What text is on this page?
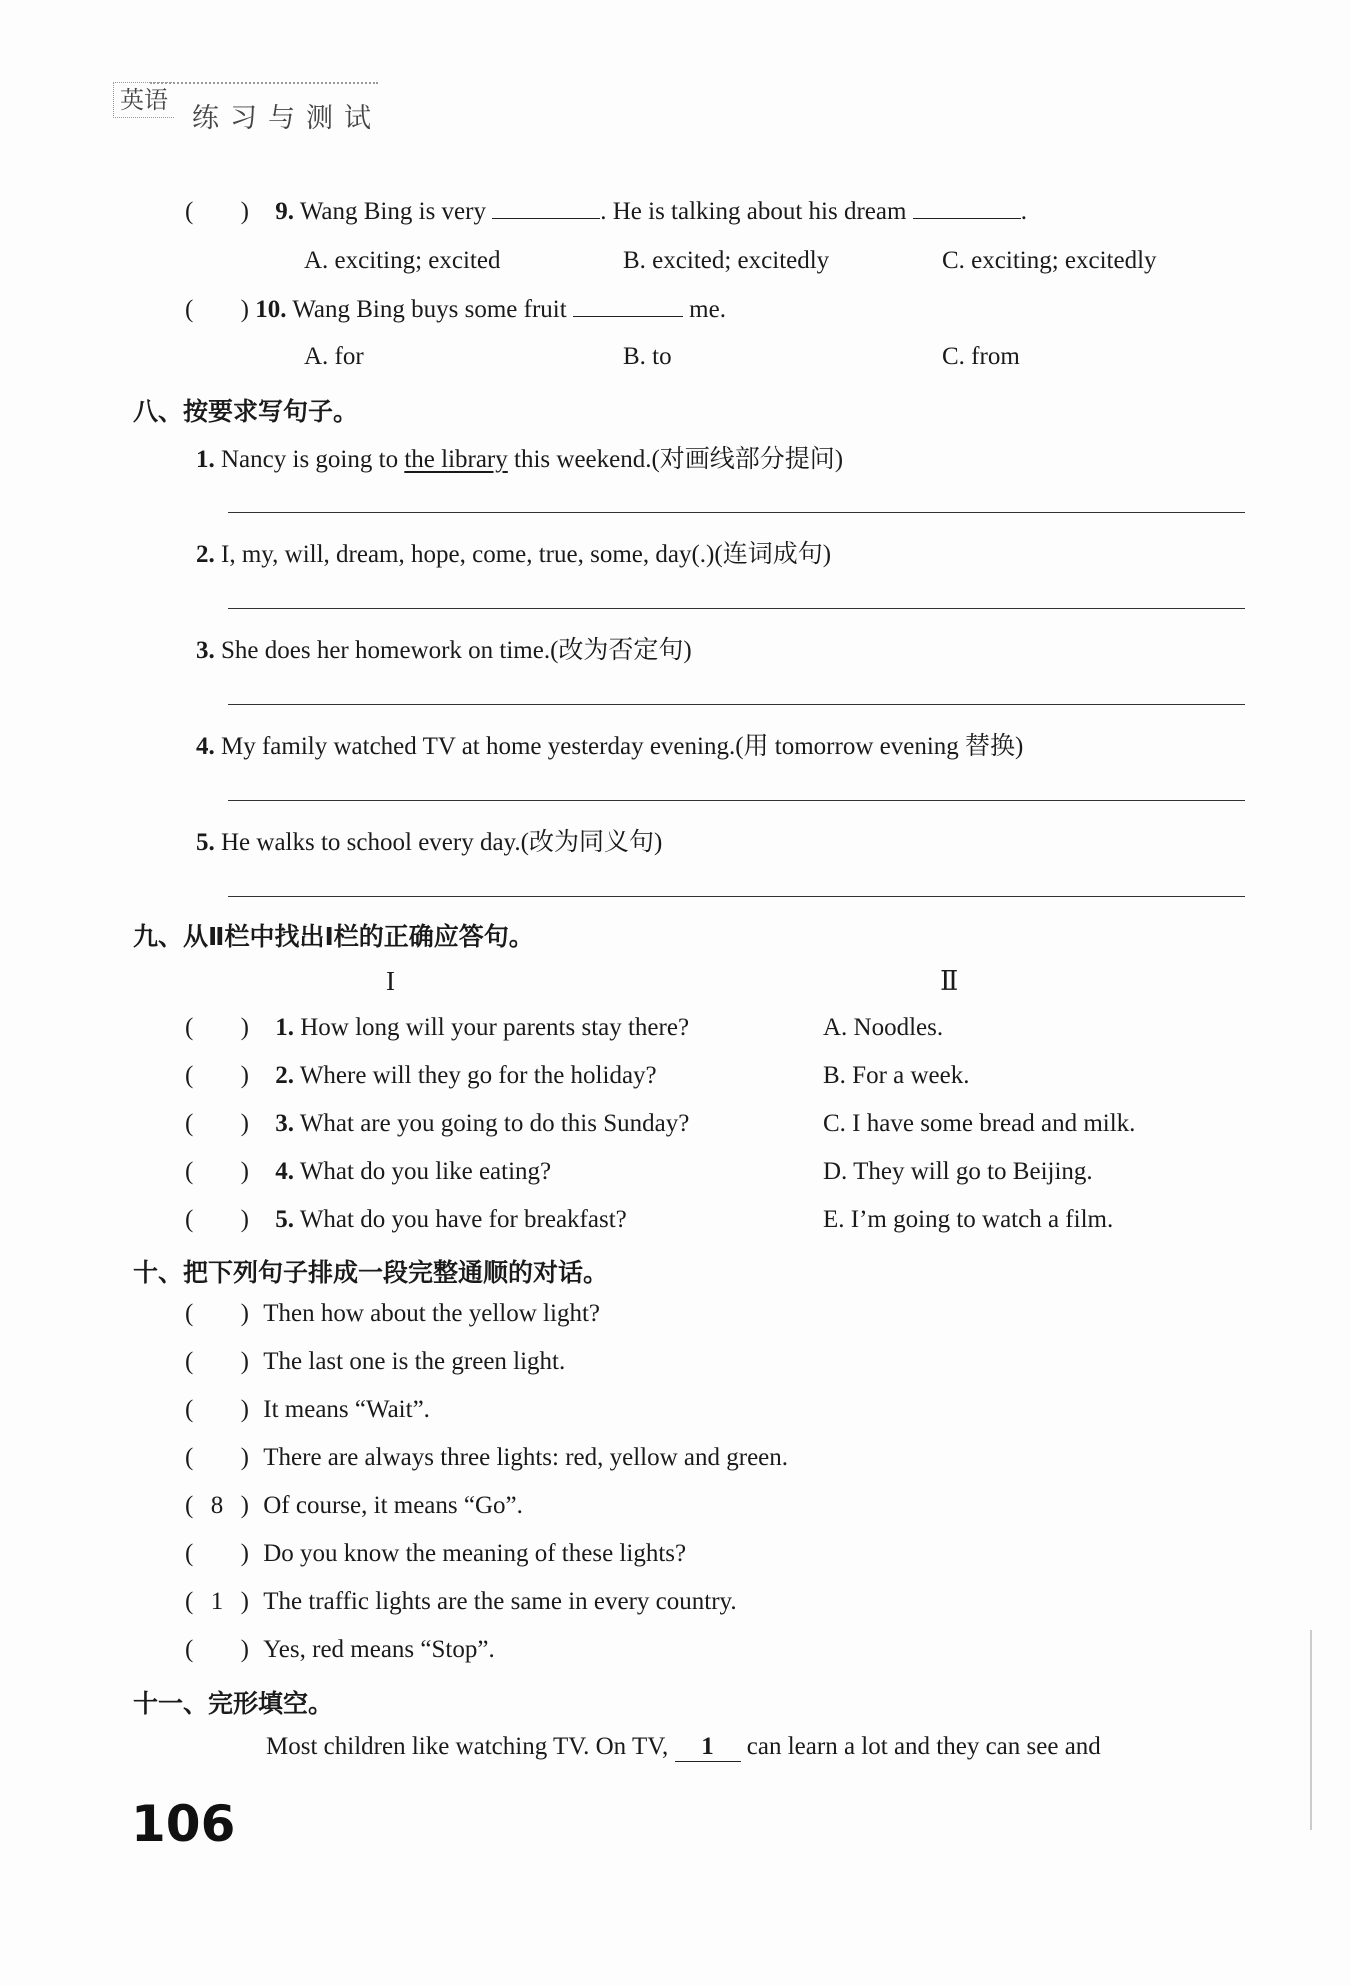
英语
练习与测试
( ) 9. Wang Bing is very	. He is talking about his dream	.
A. exciting; excited	B. excited; excitedly	C. exciting; excitedly
( ) 10. Wang Bing buys some fruit	me.
A. for	B. to	C. from
八、按要求写句子。
1. Nancy is going to the library this weekend.(对画线部分提问)
2. I, my, will, dream, hope, come, true, some, day(.)(连词成句)
3. She does her homework on time.(改为否定句)
4. My family watched TV at home yesterday evening.(用 tomorrow evening 替换)
5. He walks to school every day.(改为同义句)
九、从Ⅱ栏中找出Ⅰ栏的正确应答句。
I	Ⅱ
( ) 1. How long will your parents stay there?	A. Noodles.
( ) 2. Where will they go for the holiday?	B. For a week.
( ) 3. What are you going to do this Sunday?	C. I have some bread and milk.
( ) 4. What do you like eating?	D. They will go to Beijing.
( ) 5. What do you have for breakfast?	E. I’m going to watch a film.
十、把下列句子排成一段完整通顺的对话。
( ) Then how about the yellow light?
( ) The last one is the green light.
( ) It means “Wait”.
( ) There are always three lights: red, yellow and green.
( 8 ) Of course, it means “Go”.
( ) Do you know the meaning of these lights?
( 1 ) The traffic lights are the same in every country.
( ) Yes, red means “Stop”.
十一、完形填空。
Most children like watching TV. On TV, 1 can learn a lot and they can see and
106
